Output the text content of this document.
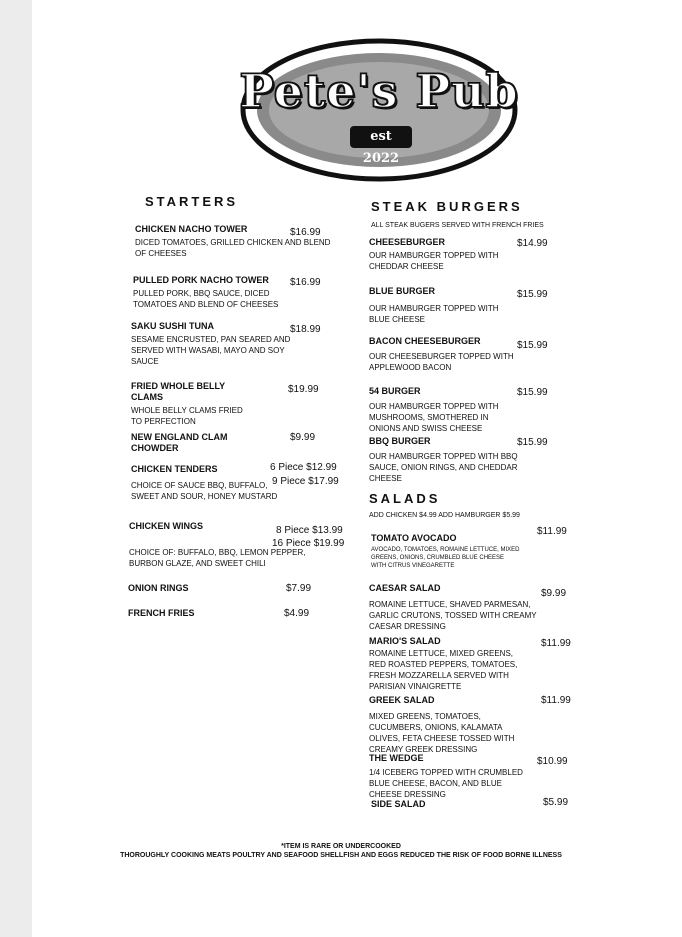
Pete's Pub
est 2022
STARTERS
CHICKEN NACHO TOWER
DICED TOMATOES, GRILLED CHICKEN AND BLEND OF CHEESES
$16.99
PULLED PORK NACHO TOWER
PULLED PORK, BBQ SAUCE, DICED TOMATOES AND BLEND OF CHEESES
$16.99
SAKU SUSHI TUNA
SESAME ENCRUSTED, PAN SEARED AND SERVED WITH WASABI, MAYO AND SOY SAUCE
$18.99
FRIED WHOLE BELLY CLAMS
WHOLE BELLY CLAMS FRIED TO PERFECTION
$19.99
NEW ENGLAND CLAM CHOWDER
$9.99
CHICKEN TENDERS
CHOICE OF SAUCE BBQ, BUFFALO, SWEET AND SOUR, HONEY MUSTARD
6 Piece $12.99
9 Piece $17.99
CHICKEN WINGS
CHOICE OF: BUFFALO, BBQ, LEMON PEPPER, BURBON GLAZE, AND SWEET CHILI
8 Piece $13.99
16 Piece $19.99
ONION RINGS	$7.99
FRENCH FRIES	$4.99
STEAK BURGERS
ALL STEAK BUGERS SERVED WITH FRENCH FRIES
CHEESEBURGER
OUR HAMBURGER TOPPED WITH CHEDDAR CHEESE
$14.99
BLUE BURGER
OUR HAMBURGER TOPPED WITH BLUE CHEESE
$15.99
BACON CHEESEBURGER
OUR CHEESEBURGER TOPPED WITH APPLEWOOD BACON
$15.99
54 BURGER
OUR HAMBURGER TOPPED WITH MUSHROOMS, SMOTHERED IN ONIONS AND SWISS CHEESE
$15.99
BBQ BURGER
OUR HAMBURGER TOPPED WITH BBQ SAUCE, ONION RINGS, AND CHEDDAR CHEESE
$15.99
SALADS
ADD CHICKEN $4.99 ADD HAMBURGER $5.99
TOMATO AVOCADO
AVOCADO, TOMATOES, ROMAINE LETTUCE, MIXED GREENS, ONIONS, CRUMBLED BLUE CHEESE WITH CITRUS VINEGARETTE
$11.99
CAESAR SALAD
ROMAINE LETTUCE, SHAVED PARMESAN, GARLIC CRUTONS, TOSSED WITH CREAMY CAESAR DRESSING
$9.99
MARIO'S SALAD
ROMAINE LETTUCE, MIXED GREENS, RED ROASTED PEPPERS, TOMATOES, FRESH MOZZARELLA SERVED WITH PARISIAN VINAIGRETTE
$11.99
GREEK SALAD
MIXED GREENS, TOMATOES, CUCUMBERS, ONIONS, KALAMATA OLIVES, FETA CHEESE TOSSED WITH CREAMY GREEK DRESSING
$11.99
THE WEDGE
1/4 ICEBERG TOPPED WITH CRUMBLED BLUE CHEESE, BACON, AND BLUE CHEESE DRESSING
$10.99
SIDE SALAD	$5.99
*ITEM IS RARE OR UNDERCOOKED
THOROUGHLY COOKING MEATS POULTRY AND SEAFOOD SHELLFISH AND EGGS REDUCED THE RISK OF FOOD BORNE ILLNESS
